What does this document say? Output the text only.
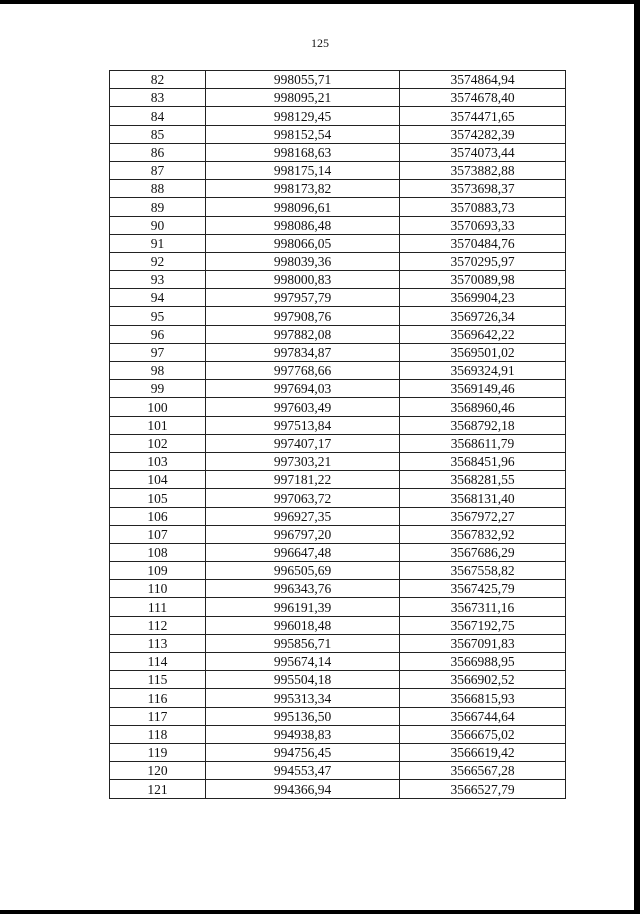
125
82	998055,71	3574864,94
83	998095,21	3574678,40
84	998129,45	3574471,65
85	998152,54	3574282,39
86	998168,63	3574073,44
87	998175,14	3573882,88
88	998173,82	3573698,37
89	998096,61	3570883,73
90	998086,48	3570693,33
91	998066,05	3570484,76
92	998039,36	3570295,97
93	998000,83	3570089,98
94	997957,79	3569904,23
95	997908,76	3569726,34
96	997882,08	3569642,22
97	997834,87	3569501,02
98	997768,66	3569324,91
99	997694,03	3569149,46
100	997603,49	3568960,46
101	997513,84	3568792,18
102	997407,17	3568611,79
103	997303,21	3568451,96
104	997181,22	3568281,55
105	997063,72	3568131,40
106	996927,35	3567972,27
107	996797,20	3567832,92
108	996647,48	3567686,29
109	996505,69	3567558,82
110	996343,76	3567425,79
111	996191,39	3567311,16
112	996018,48	3567192,75
113	995856,71	3567091,83
114	995674,14	3566988,95
115	995504,18	3566902,52
116	995313,34	3566815,93
117	995136,50	3566744,64
118	994938,83	3566675,02
119	994756,45	3566619,42
120	994553,47	3566567,28
121	994366,94	3566527,79
